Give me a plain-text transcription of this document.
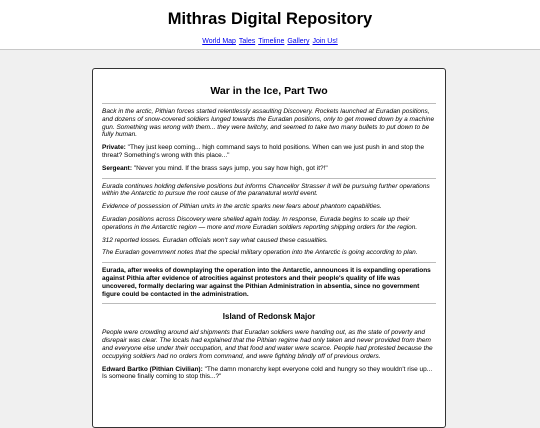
Mithras Digital Repository
World Map Tales Timeline Gallery Join Us!
War in the Ice, Part Two

Back in the arctic, Pithian forces started relentlessly assaulting Discovery. Rockets launched at Euradan positions, and dozens of snow-covered soldiers lunged towards the Euradan positions, only to get mowed down by a machine gun. Something was wrong with them... they were twitchy, and seemed to take two many bullets to put down to be fully human.

Private: "They just keep coming... high command says to hold positions. When can we just push in and stop the threat? Something's wrong with this place..."

Sergeant: "Never you mind. If the brass says jump, you say how high, got it?!"

Eurada continues holding defensive positions but informs Chancellor Strasser it will be pursuing further operations within the Antarctic to pursue the root cause of the paranatural world event.

Evidence of possession of Pithian units in the arctic sparks new fears about phantom capabilities.

Euradan positions across Discovery were shelled again today. In response, Eurada begins to scale up their operations in the Antarctic region — more and more Euradan soldiers reporting shipping orders for the region.

312 reported losses. Euradan officials won't say what caused these casualties.

The Euradan government notes that the special military operation into the Antarctic is going according to plan.

Eurada, after weeks of downplaying the operation into the Antarctic, announces it is expanding operations against Pithia after evidence of atrocities against protestors and their people's quality of life was uncovered, formally declaring war against the Pithian Administration in absentia, since no government figure could be contacted in the administration.

Island of Redonsk Major

People were crowding around aid shipments that Euradan soldiers were handing out, as the state of poverty and disrepair was clear. The locals had explained that the Pithian regime had only taken and never provided from them and everyone else under their occupation, and that food and water were scarce. People had protested because the occupying soldiers had no orders from command, and were fighting blindly off of previous orders.

Edward Bartko (Pithian Civilian): "The damn monarchy kept everyone cold and hungry so they wouldn't rise up... Is someone finally coming to stop this...?"
